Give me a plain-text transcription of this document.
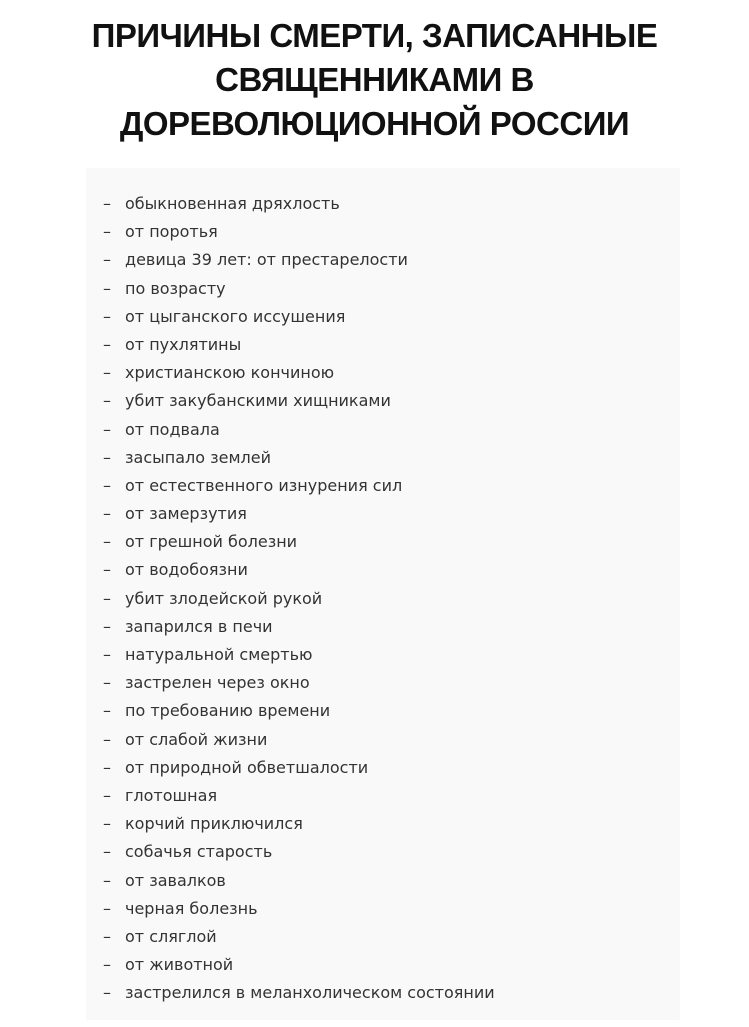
ПРИЧИНЫ СМЕРТИ, ЗАПИСАННЫЕ
СВЯЩЕННИКАМИ В
ДОРЕВОЛЮЦИОННОЙ РОССИИ
– обыкновенная дряхлость
– от поротья
– девица 39 лет: от престарелости
– по возрасту
– от цыганского иссушения
– от пухлятины
– христианскою кончиною
– убит закубанскими хищниками
– от подвала
– засыпало землей
– от естественного изнурения сил
– от замерзутия
– от грешной болезни
– от водобоязни
– убит злодейской рукой
– запарился в печи
– натуральной смертью
– застрелен через окно
– по требованию времени
– от слабой жизни
– от природной обветшалости
– глотошная
– корчий приключился
– собачья старость
– от завалков
– черная болезнь
– от сляглой
– от животной
– застрелился в меланхолическом состоянии
